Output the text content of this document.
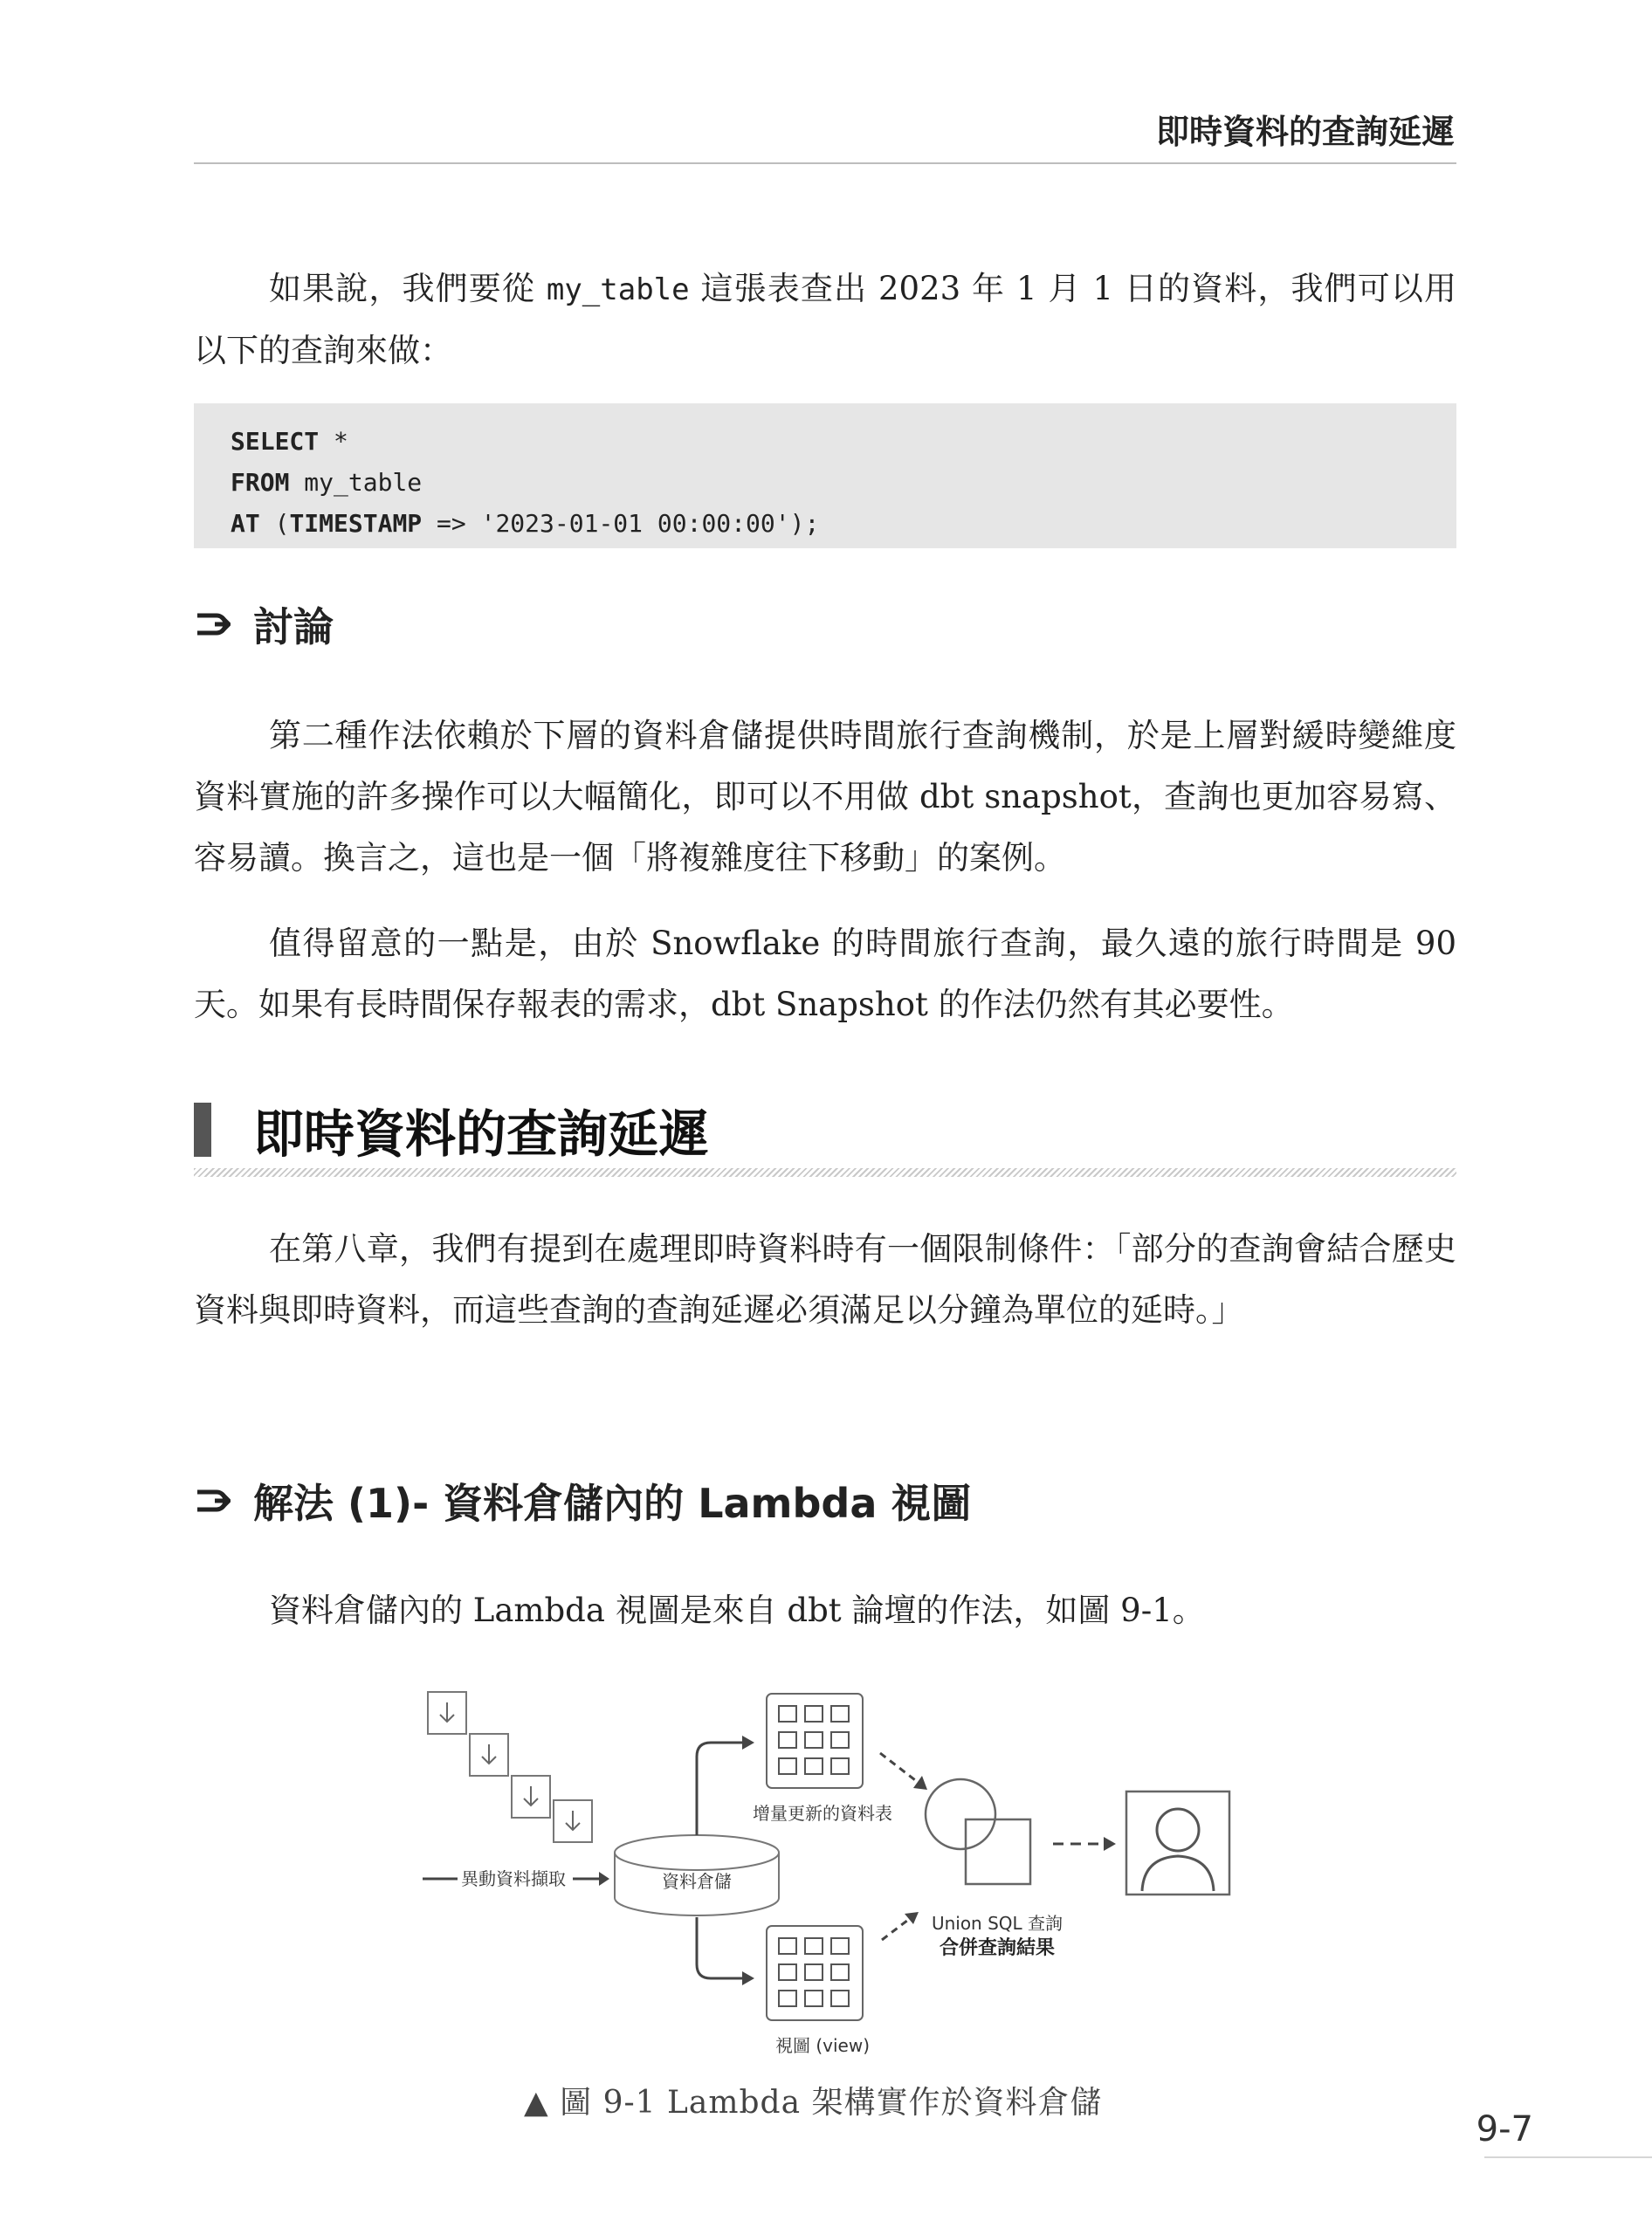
即時資料的查詢延遲

如果說，我們要從 my_table 這張表查出 2023 年 1 月 1 日的資料，我們可以用以下的查詢來做：

SELECT *
FROM my_table
AT (TIMESTAMP => '2023-01-01 00:00:00');
討論

第二種作法依賴於下層的資料倉儲提供時間旅行查詢機制，於是上層對緩時變維度資料實施的許多操作可以大幅簡化，即可以不用做 dbt snapshot，查詢也更加容易寫、容易讀。換言之，這也是一個「將複雜度往下移動」的案例。

值得留意的一點是，由於 Snowflake 的時間旅行查詢，最久遠的旅行時間是 90 天。如果有長時間保存報表的需求，dbt Snapshot 的作法仍然有其必要性。

即時資料的查詢延遲

在第八章，我們有提到在處理即時資料時有一個限制條件：「部分的查詢會結合歷史資料與即時資料，而這些查詢的查詢延遲必須滿足以分鐘為單位的延時。」

解法 (1)- 資料倉儲內的 Lambda 視圖

資料倉儲內的 Lambda 視圖是來自 dbt 論壇的作法，如圖 9-1。

異動資料擷取	資料倉儲
增量更新的資料表
視圖 (view)
Union SQL 查詢
合併查詢結果
▲ 圖 9-1 Lambda 架構實作於資料倉儲
9-7
